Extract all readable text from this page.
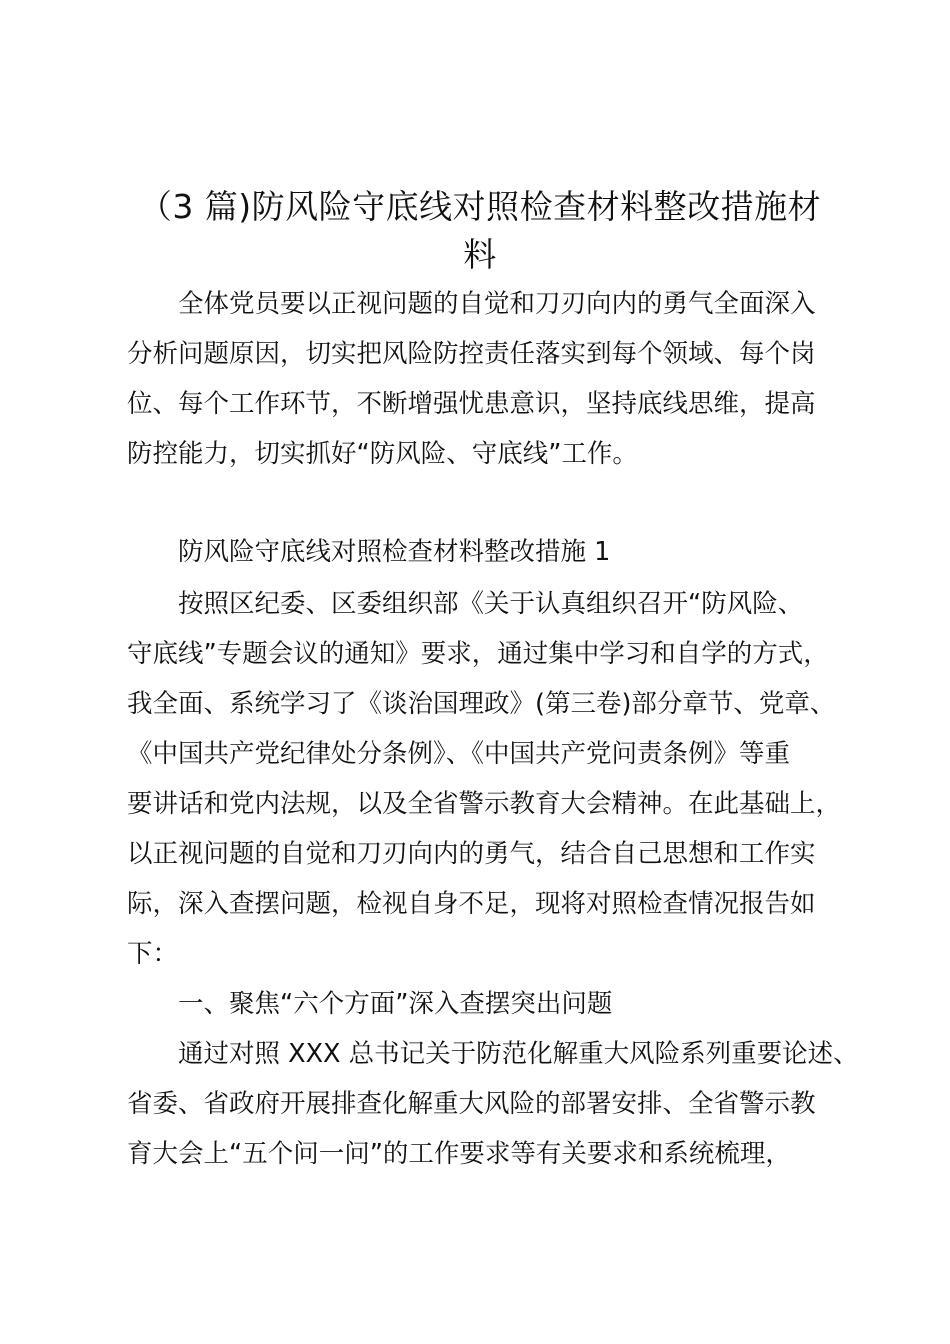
（3 篇)防风险守底线对照检查材料整改措施材
料

全体党员要以正视问题的自觉和刀刃向内的勇气全面深入

分析问题原因，切实把风险防控责任落实到每个领域、每个岗

位、每个工作环节，不断增强忧患意识，坚持底线思维，提高

防控能力，切实抓好“防风险、守底线”工作。

防风险守底线对照检查材料整改措施 1

按照区纪委、区委组织部《关于认真组织召开“防风险、

守底线”专题会议的通知》要求，通过集中学习和自学的方式，

我全面、系统学习了《谈治国理政》(第三卷)部分章节、党章、

《中国共产党纪律处分条例》、《中国共产党问责条例》等重

要讲话和党内法规，以及全省警示教育大会精神。在此基础上，

以正视问题的自觉和刀刃向内的勇气，结合自己思想和工作实

际，深入查摆问题，检视自身不足，现将对照检查情况报告如

下：

一、聚焦“六个方面”深入查摆突出问题

通过对照 XXX 总书记关于防范化解重大风险系列重要论述、

省委、省政府开展排查化解重大风险的部署安排、全省警示教

育大会上“五个问一问”的工作要求等有关要求和系统梳理，
